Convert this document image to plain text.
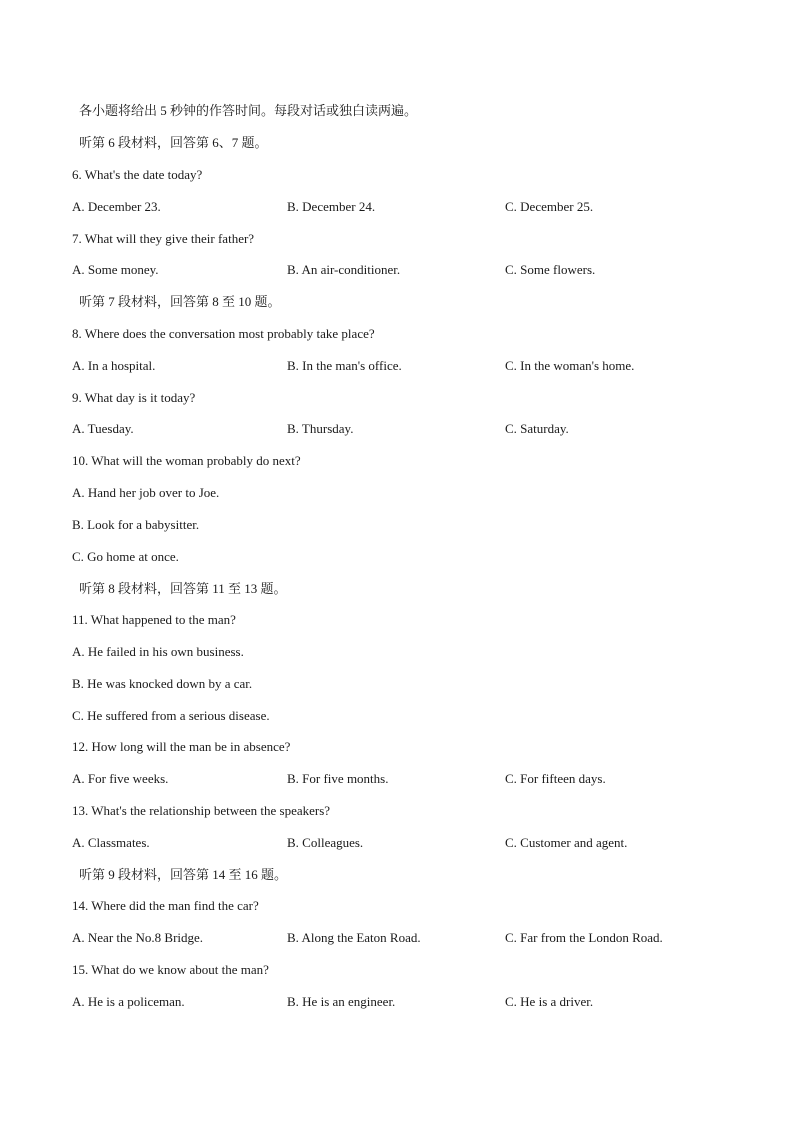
各小题将给出 5 秒钟的作答时间。每段对话或独白读两遍。
听第 6 段材料，回答第 6、7 题。
6. What's the date today?
A. December 23.	B. December 24.	C. December 25.
7. What will they give their father?
A. Some money.	B. An air-conditioner.	C. Some flowers.
听第 7 段材料，回答第 8 至 10 题。
8. Where does the conversation most probably take place?
A. In a hospital.	B. In the man's office.	C. In the woman's home.
9. What day is it today?
A. Tuesday.	B. Thursday.	C. Saturday.
10. What will the woman probably do next?
A. Hand her job over to Joe.
B. Look for a babysitter.
C. Go home at once.
听第 8 段材料，回答第 11 至 13 题。
11. What happened to the man?
A. He failed in his own business.
B. He was knocked down by a car.
C. He suffered from a serious disease.
12. How long will the man be in absence?
A. For five weeks.	B. For five months.	C. For fifteen days.
13. What's the relationship between the speakers?
A. Classmates.	B. Colleagues.	C. Customer and agent.
听第 9 段材料，回答第 14 至 16 题。
14. Where did the man find the car?
A. Near the No.8 Bridge.	B. Along the Eaton Road.	C. Far from the London Road.
15. What do we know about the man?
A. He is a policeman.	B. He is an engineer.	C. He is a driver.
